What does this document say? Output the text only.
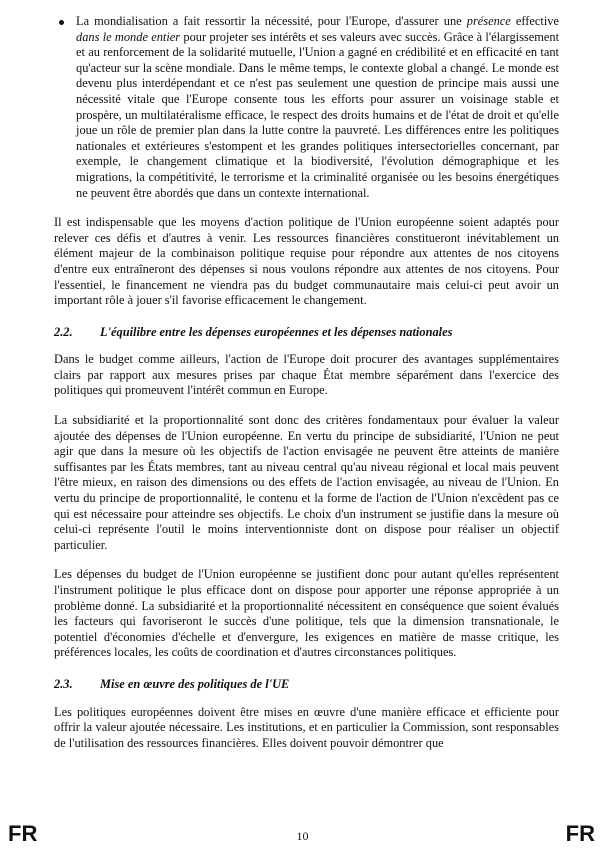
La mondialisation a fait ressortir la nécessité, pour l'Europe, d'assurer une présence effective dans le monde entier pour projeter ses intérêts et ses valeurs avec succès. Grâce à l'élargissement et au renforcement de la solidarité mutuelle, l'Union a gagné en crédibilité et en efficacité en tant qu'acteur sur la scène mondiale. Dans le même temps, le contexte global a changé. Le monde est devenu plus interdépendant et ce n'est pas seulement une question de principe mais aussi une nécessité vitale que l'Europe consente tous les efforts pour assurer un voisinage stable et prospère, un multilatéralisme efficace, le respect des droits humains et de l'état de droit et qu'elle joue un rôle de premier plan dans la lutte contre la pauvreté. Les différences entre les politiques nationales et extérieures s'estompent et les grandes politiques intersectorielles concernant, par exemple, le changement climatique et la biodiversité, l'évolution démographique et les migrations, la compétitivité, le terrorisme et la criminalité organisée ou les besoins énergétiques ne peuvent être abordés que dans un contexte international.

Il est indispensable que les moyens d'action politique de l'Union européenne soient adaptés pour relever ces défis et d'autres à venir. Les ressources financières constitueront inévitablement un élément majeur de la combinaison politique requise pour répondre aux attentes de nos citoyens d'entre eux entraîneront des dépenses si nous voulons répondre aux attentes de nos citoyens. Pour l'essentiel, le financement ne viendra pas du budget communautaire mais celui-ci peut avoir un important rôle à jouer s'il favorise efficacement le changement.

2.2.	L'équilibre entre les dépenses européennes et les dépenses nationales

Dans le budget comme ailleurs, l'action de l'Europe doit procurer des avantages supplémentaires clairs par rapport aux mesures prises par chaque État membre séparément dans l'exercice des politiques qui promeuvent l'intérêt commun en Europe.

La subsidiarité et la proportionnalité sont donc des critères fondamentaux pour évaluer la valeur ajoutée des dépenses de l'Union européenne. En vertu du principe de subsidiarité, l'Union ne peut agir que dans la mesure où les objectifs de l'action envisagée ne peuvent être atteints de manière suffisantes par les États membres, tant au niveau central qu'au niveau régional et local mais peuvent l'être mieux, en raison des dimensions ou des effets de l'action envisagée, au niveau de l'Union. En vertu du principe de proportionnalité, le contenu et la forme de l'action de l'Union n'excèdent pas ce qui est nécessaire pour atteindre ses objectifs. Le choix d'un instrument se justifie dans la mesure où celui-ci représente l'outil le moins interventionniste dont on dispose pour réaliser un objectif particulier.

Les dépenses du budget de l'Union européenne se justifient donc pour autant qu'elles représentent l'instrument politique le plus efficace dont on dispose pour apporter une réponse appropriée à un problème donné. La subsidiarité et la proportionnalité nécessitent en conséquence que soient évalués les facteurs qui favoriseront le succès d'une politique, tels que la dimension transnationale, le potentiel d'économies d'échelle et d'envergure, les exigences en matière de masse critique, les préférences locales, les coûts de coordination et d'autres circonstances politiques.

2.3.	Mise en œuvre des politiques de l'UE

Les politiques européennes doivent être mises en œuvre d'une manière efficace et efficiente pour offrir la valeur ajoutée nécessaire. Les institutions, et en particulier la Commission, sont responsables de l'utilisation des ressources financières. Elles doivent pouvoir démontrer que

FR	10	FR
